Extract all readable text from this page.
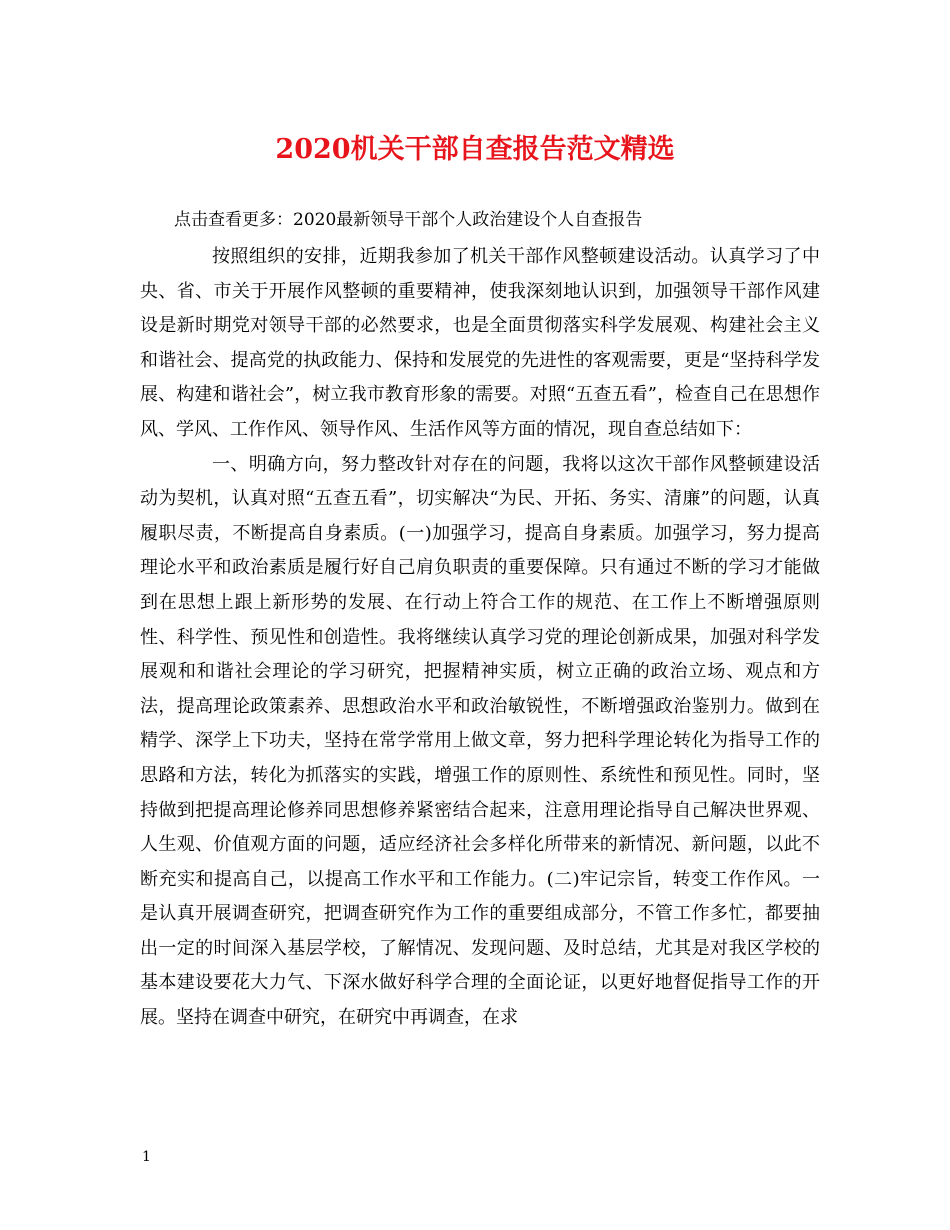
2020机关干部自查报告范文精选
点击查看更多：2020最新领导干部个人政治建设个人自查报告

按照组织的安排，近期我参加了机关干部作风整顿建设活动。认真学习了中央、省、市关于开展作风整顿的重要精神，使我深刻地认识到，加强领导干部作风建设是新时期党对领导干部的必然要求，也是全面贯彻落实科学发展观、构建社会主义和谐社会、提高党的执政能力、保持和发展党的先进性的客观需要，更是“坚持科学发展、构建和谐社会”，树立我市教育形象的需要。对照“五查五看”，检查自己在思想作风、学风、工作作风、领导作风、生活作风等方面的情况，现自查总结如下：

一、明确方向，努力整改针对存在的问题，我将以这次干部作风整顿建设活动为契机，认真对照“五查五看”，切实解决“为民、开拓、务实、清廉”的问题，认真履职尽责，不断提高自身素质。(一)加强学习，提高自身素质。加强学习，努力提高理论水平和政治素质是履行好自己肩负职责的重要保障。只有通过不断的学习才能做到在思想上跟上新形势的发展、在行动上符合工作的规范、在工作上不断增强原则性、科学性、预见性和创造性。我将继续认真学习党的理论创新成果，加强对科学发展观和和谐社会理论的学习研究，把握精神实质，树立正确的政治立场、观点和方法，提高理论政策素养、思想政治水平和政治敏锐性，不断增强政治鉴别力。做到在精学、深学上下功夫，坚持在常学常用上做文章，努力把科学理论转化为指导工作的思路和方法，转化为抓落实的实践，增强工作的原则性、系统性和预见性。同时，坚持做到把提高理论修养同思想修养紧密结合起来，注意用理论指导自己解决世界观、人生观、价值观方面的问题，适应经济社会多样化所带来的新情况、新问题，以此不断充实和提高自己，以提高工作水平和工作能力。(二)牢记宗旨，转变工作作风。一是认真开展调查研究，把调查研究作为工作的重要组成部分，不管工作多忙，都要抽出一定的时间深入基层学校，了解情况、发现问题、及时总结，尤其是对我区学校的基本建设要花大力气、下深水做好科学合理的全面论证，以更好地督促指导工作的开展。坚持在调查中研究，在研究中再调查，在求

1
